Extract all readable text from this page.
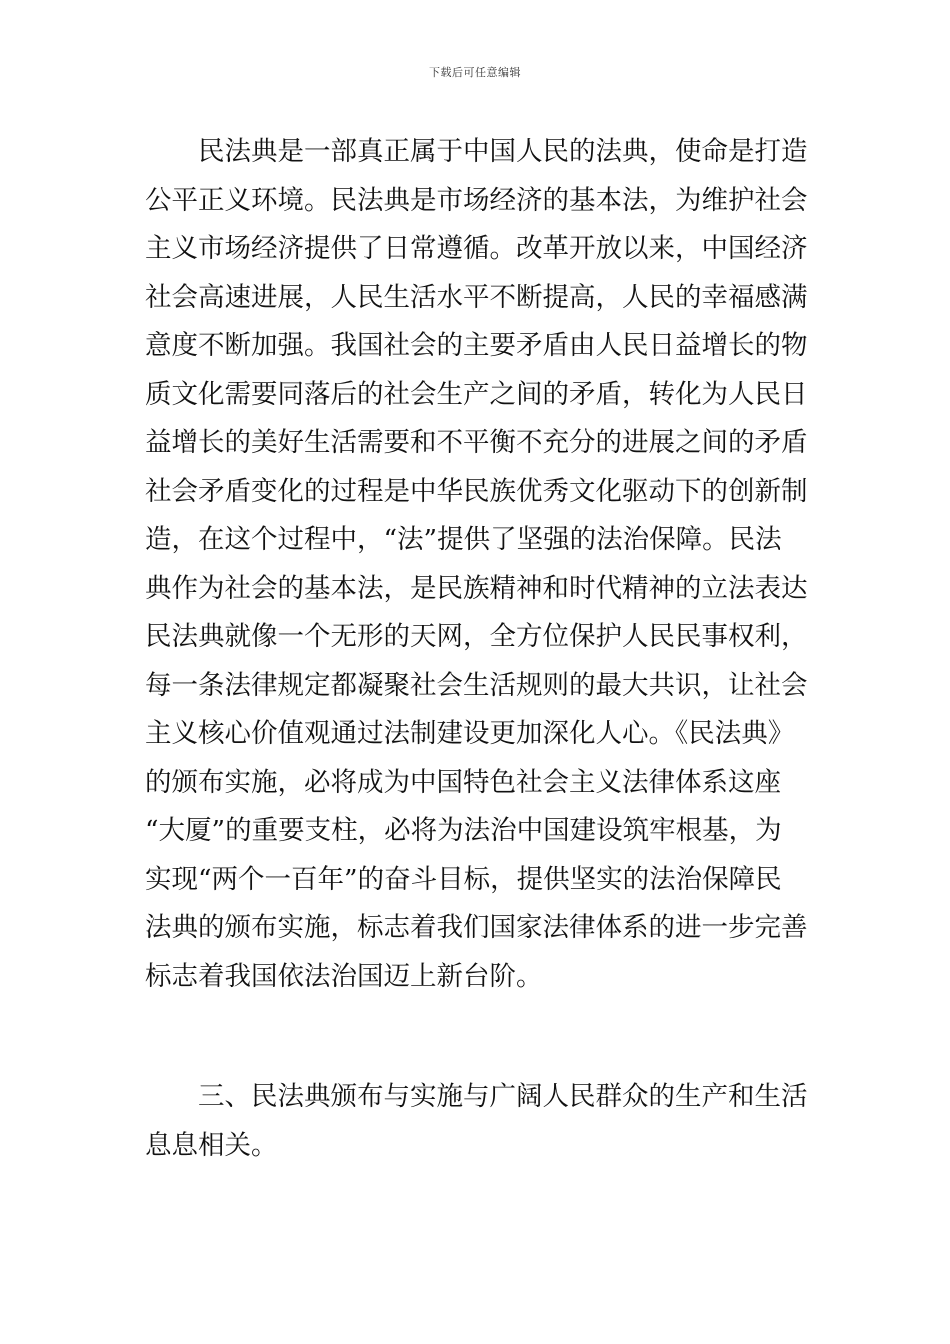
下载后可任意编辑
民法典是一部真正属于中国人民的法典，使命是打造
公平正义环境。民法典是市场经济的基本法，为维护社会
主义市场经济提供了日常遵循。改革开放以来，中国经济
社会高速进展，人民生活水平不断提高，人民的幸福感满
意度不断加强。我国社会的主要矛盾由人民日益增长的物
质文化需要同落后的社会生产之间的矛盾，转化为人民日
益增长的美好生活需要和不平衡不充分的进展之间的矛盾
社会矛盾变化的过程是中华民族优秀文化驱动下的创新制
造，在这个过程中，“法”提供了坚强的法治保障。民法
典作为社会的基本法，是民族精神和时代精神的立法表达
民法典就像一个无形的天网，全方位保护人民民事权利，
每一条法律规定都凝聚社会生活规则的最大共识，让社会
主义核心价值观通过法制建设更加深化人心。《民法典》
的颁布实施，必将成为中国特色社会主义法律体系这座
“大厦”的重要支柱，必将为法治中国建设筑牢根基，为
实现“两个一百年”的奋斗目标，提供坚实的法治保障民
法典的颁布实施，标志着我们国家法律体系的进一步完善
标志着我国依法治国迈上新台阶。
三、民法典颁布与实施与广阔人民群众的生产和生活
息息相关。
